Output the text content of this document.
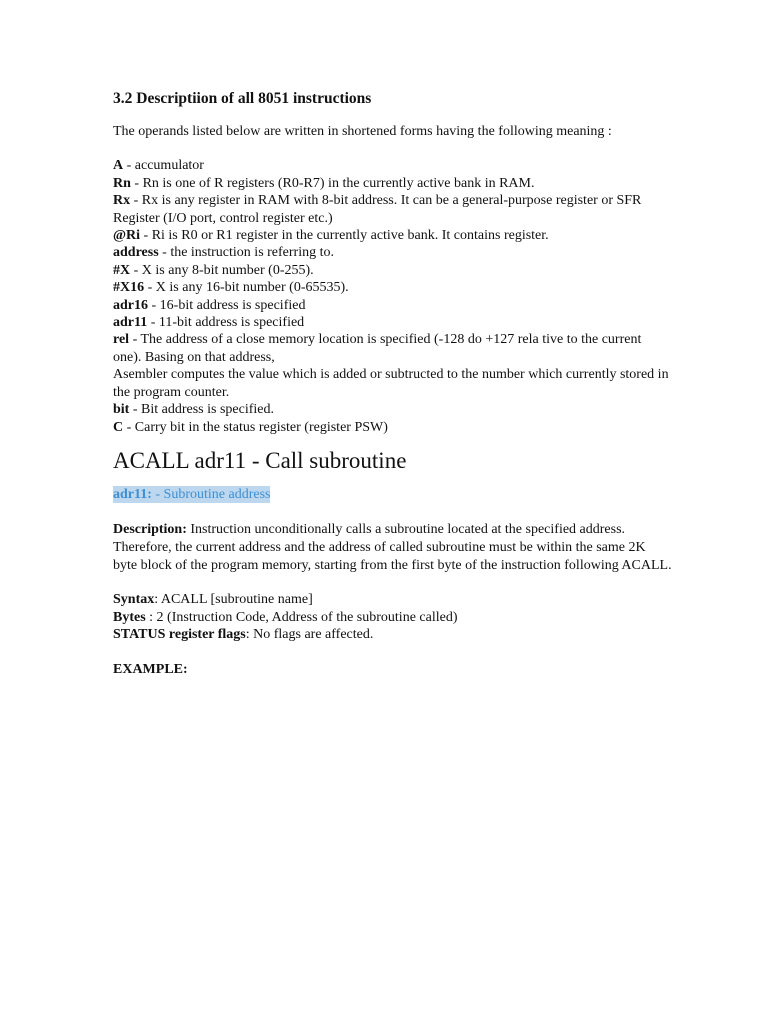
3.2 Descriptiion of all 8051 instructions

The operands listed below are written in shortened forms having the following meaning :

A - accumulator

Rn - Rn is one of R registers (R0-R7) in the currently active bank in RAM.

Rx - Rx is any register in RAM with 8-bit address. It can be a general-purpose register or SFR Register (I/O port, control register etc.)

@Ri - Ri is R0 or R1 register in the currently active bank. It contains register.

address - the instruction is referring to.

#X - X is any 8-bit number (0-255).

#X16 - X is any 16-bit number (0-65535).

adr16 - 16-bit address is specified

adr11 - 11-bit address is specified

rel - The address of a close memory location is specified (-128 do +127 rela tive to the current one). Basing on that address,

Asembler computes the value which is added or subtructed to the number which currently stored in the program counter.

bit - Bit address is specified.

C - Carry bit in the status register (register PSW)

ACALL adr11 - Call subroutine

adr11: - Subroutine address

Description: Instruction unconditionally calls a subroutine located at the specified address. Therefore, the current address and the address of called subroutine must be within the same 2K byte block of the program memory, starting from the first byte of the instruction following ACALL.

Syntax: ACALL [subroutine name]

Bytes : 2 (Instruction Code, Address of the subroutine called)

STATUS register flags: No flags are affected.

EXAMPLE:
